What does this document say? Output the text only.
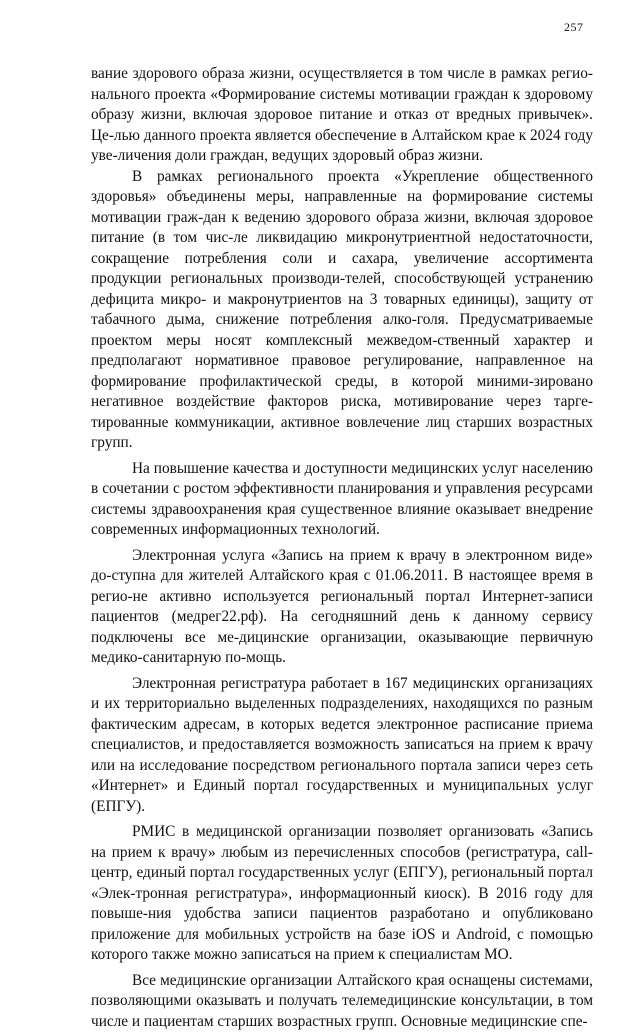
257

вание здорового образа жизни, осуществляется в том числе в рамках регио-нального проекта «Формирование системы мотивации граждан к здоровому образу жизни, включая здоровое питание и отказ от вредных привычек». Це-лью данного проекта является обеспечение в Алтайском крае к 2024 году уве-личения доли граждан, ведущих здоровый образ жизни.

В рамках регионального проекта «Укрепление общественного здоровья» объединены меры, направленные на формирование системы мотивации граж-дан к ведению здорового образа жизни, включая здоровое питание (в том чис-ле ликвидацию микронутриентной недостаточности, сокращение потребления соли и сахара, увеличение ассортимента продукции региональных производи-телей, способствующей устранению дефицита микро- и макронутриентов на 3 товарных единицы), защиту от табачного дыма, снижение потребления алко-голя. Предусматриваемые проектом меры носят комплексный межведом-ственный характер и предполагают нормативное правовое регулирование, направленное на формирование профилактической среды, в которой миними-зировано негативное воздействие факторов риска, мотивирование через тарге-тированные коммуникации, активное вовлечение лиц старших возрастных групп.

На повышение качества и доступности медицинских услуг населению в сочетании с ростом эффективности планирования и управления ресурсами системы здравоохранения края существенное влияние оказывает внедрение современных информационных технологий.

Электронная услуга «Запись на прием к врачу в электронном виде» до-ступна для жителей Алтайского края с 01.06.2011. В настоящее время в регио-не активно используется региональный портал Интернет-записи пациентов (медрег22.рф). На сегодняшний день к данному сервису подключены все ме-дицинские организации, оказывающие первичную медико-санитарную по-мощь.

Электронная регистратура работает в 167 медицинских организациях и их территориально выделенных подразделениях, находящихся по разным фактическим адресам, в которых ведется электронное расписание приема специалистов, и предоставляется возможность записаться на прием к врачу или на исследование посредством регионального портала записи через сеть «Интернет» и Единый портал государственных и муниципальных услуг (ЕПГУ).

РМИС в медицинской организации позволяет организовать «Запись на прием к врачу» любым из перечисленных способов (регистратура, call-центр, единый портал государственных услуг (ЕПГУ), региональный портал «Элек-тронная регистратура», информационный киоск). В 2016 году для повыше-ния удобства записи пациентов разработано и опубликовано приложение для мобильных устройств на базе iOS и Android, с помощью которого также можно записаться на прием к специалистам МО.

Все медицинские организации Алтайского края оснащены системами, позволяющими оказывать и получать телемедицинские консультации, в том числе и пациентам старших возрастных групп. Основные медицинские спе-
